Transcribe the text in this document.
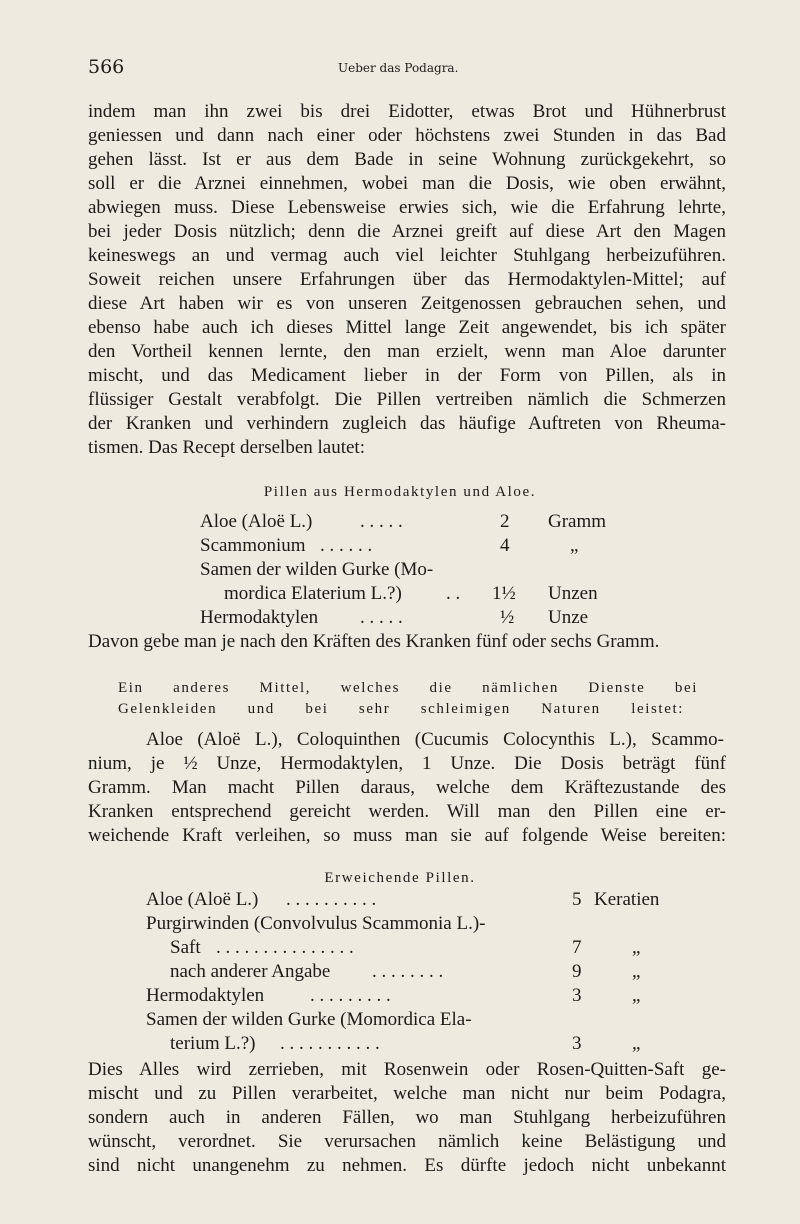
566	Ueber das Podagra.
indem man ihn zwei bis drei Eidotter, etwas Brot und Hühnerbrust
geniessen und dann nach einer oder höchstens zwei Stunden in das Bad
gehen lässt. Ist er aus dem Bade in seine Wohnung zurückgekehrt, so
soll er die Arznei einnehmen, wobei man die Dosis, wie oben erwähnt,
abwiegen muss. Diese Lebensweise erwies sich, wie die Erfahrung lehrte,
bei jeder Dosis nützlich; denn die Arznei greift auf diese Art den Magen
keineswegs an und vermag auch viel leichter Stuhlgang herbeizuführen.
Soweit reichen unsere Erfahrungen über das Hermodaktylen-Mittel; auf
diese Art haben wir es von unseren Zeitgenossen gebrauchen sehen, und
ebenso habe auch ich dieses Mittel lange Zeit angewendet, bis ich später
den Vortheil kennen lernte, den man erzielt, wenn man Aloe darunter
mischt, und das Medicament lieber in der Form von Pillen, als in
flüssiger Gestalt verabfolgt. Die Pillen vertreiben nämlich die Schmerzen
der Kranken und verhindern zugleich das häufige Auftreten von Rheuma-
tismen. Das Recept derselben lautet:
Pillen aus Hermodaktylen und Aloe.
Aloe (Aloë L.)	. . . . .	2 Gramm
Scammonium . . . . . .	4	„
Samen der wilden Gurke (Mo-
mordica Elaterium L.?) . . 1½ Unzen
Hermodaktylen . . . . .	½ Unze
Davon gebe man je nach den Kräften des Kranken fünf oder sechs Gramm.
Ein anderes Mittel, welches die nämlichen Dienste bei
Gelenkleiden und bei sehr schleimigen Naturen leistet:
Aloe (Aloë L.), Coloquinthen (Cucumis Colocynthis L.), Scammo-
nium, je ½ Unze, Hermodaktylen, 1 Unze. Die Dosis beträgt fünf
Gramm. Man macht Pillen daraus, welche dem Kräftezustande des
Kranken entsprechend gereicht werden. Will man den Pillen eine er-
weichende Kraft verleihen, so muss man sie auf folgende Weise bereiten:
Erweichende Pillen.
Aloe (Aloë L.) . . . . . . . . . .	5 Keratien
Purgirwinden (Convolvulus Scammonia L.)-
Saft . . . . . . . . . . . . . . .	7	„
nach anderer Angabe . . . . . . . .	9	„
Hermodaktylen . . . . . . . . .	3	„
Samen der wilden Gurke (Momordica Ela-
terium L.?) . . . . . . . . . . .	3	„
Dies Alles wird zerrieben, mit Rosenwein oder Rosen-Quitten-Saft ge-
mischt und zu Pillen verarbeitet, welche man nicht nur beim Podagra,
sondern auch in anderen Fällen, wo man Stuhlgang herbeizuführen
wünscht, verordnet. Sie verursachen nämlich keine Belästigung und
sind nicht unangenehm zu nehmen. Es dürfte jedoch nicht unbekannt
